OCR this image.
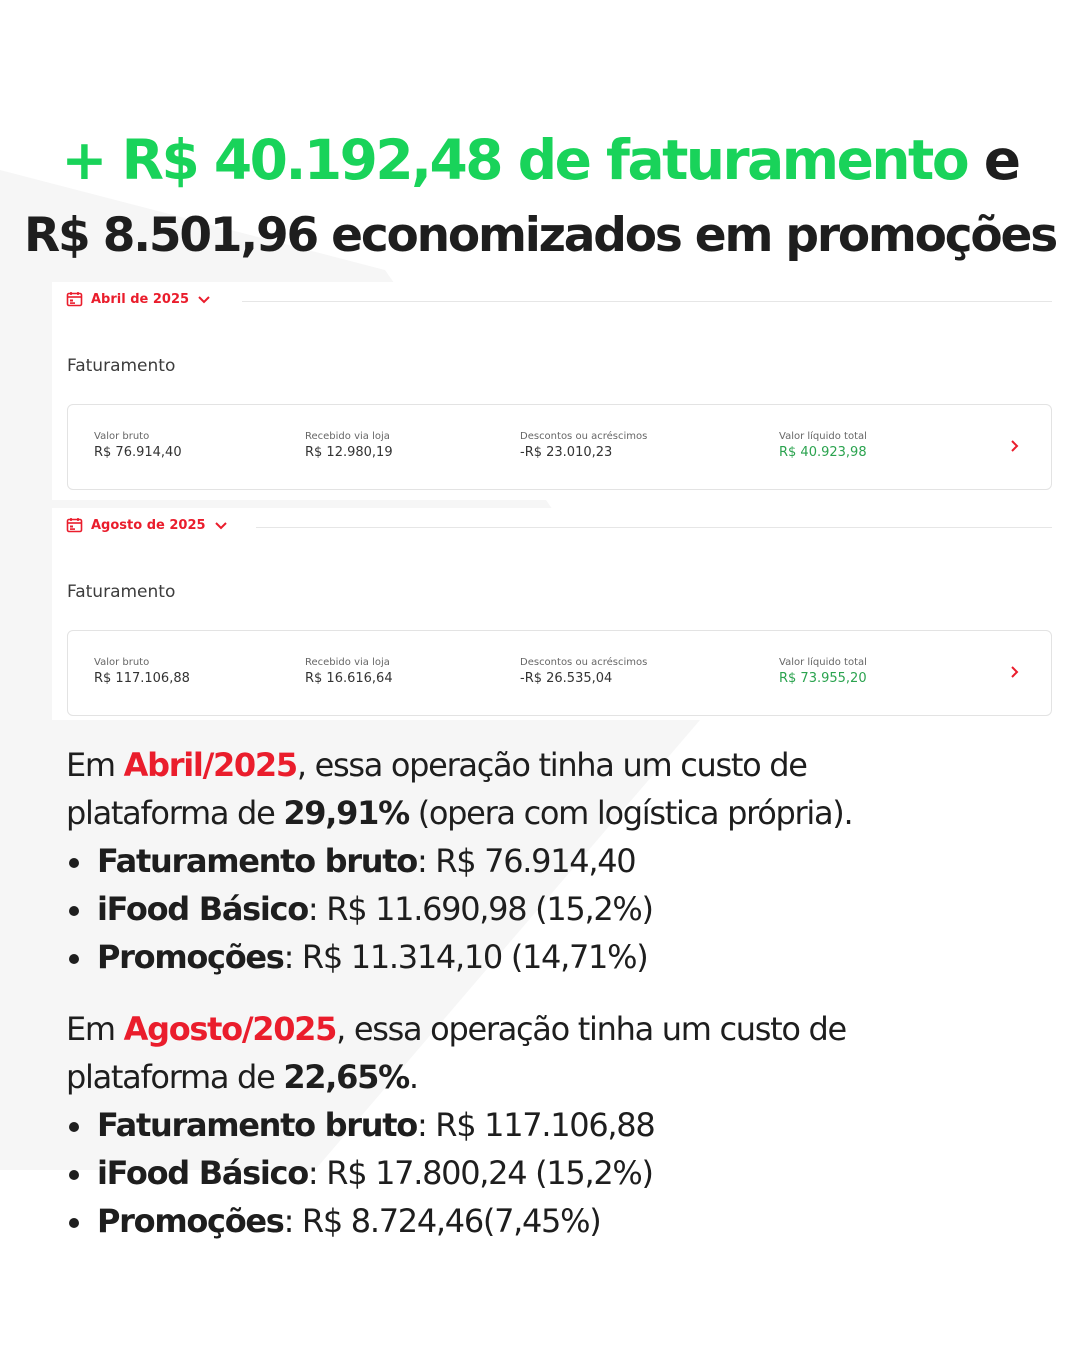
+ R$ 40.192,48 de faturamento e
R$ 8.501,96 economizados em promoções
Abril de 2025
Faturamento
Valor bruto
R$ 76.914,40
Recebido via loja
R$ 12.980,19
Descontos ou acréscimos
-R$ 23.010,23
Valor líquido total
R$ 40.923,98
Agosto de 2025
Faturamento
Valor bruto
R$ 117.106,88
Recebido via loja
R$ 16.616,64
Descontos ou acréscimos
-R$ 26.535,04
Valor líquido total
R$ 73.955,20
Em Abril/2025, essa operação tinha um custo de
plataforma de 29,91% (opera com logística própria).
Faturamento bruto: R$ 76.914,40
iFood Básico: R$ 11.690,98 (15,2%)
Promoções: R$ 11.314,10 (14,71%)
Em Agosto/2025, essa operação tinha um custo de
plataforma de 22,65%.
Faturamento bruto: R$ 117.106,88
iFood Básico: R$ 17.800,24 (15,2%)
Promoções: R$ 8.724,46(7,45%)
